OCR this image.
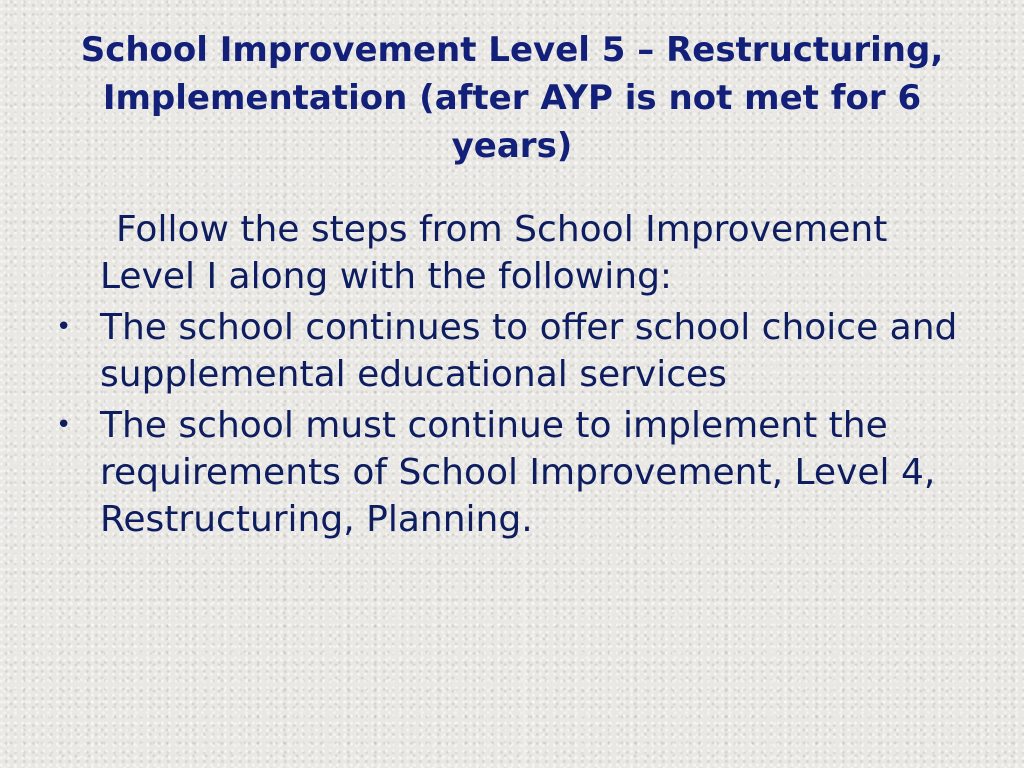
School Improvement Level 5 – Restructuring, Implementation (after AYP is not met for 6 years)

Follow the steps from School Improvement Level I along with the following:

• The school continues to offer school choice and supplemental educational services
• The school must continue to implement the requirements of School Improvement, Level 4, Restructuring, Planning.
